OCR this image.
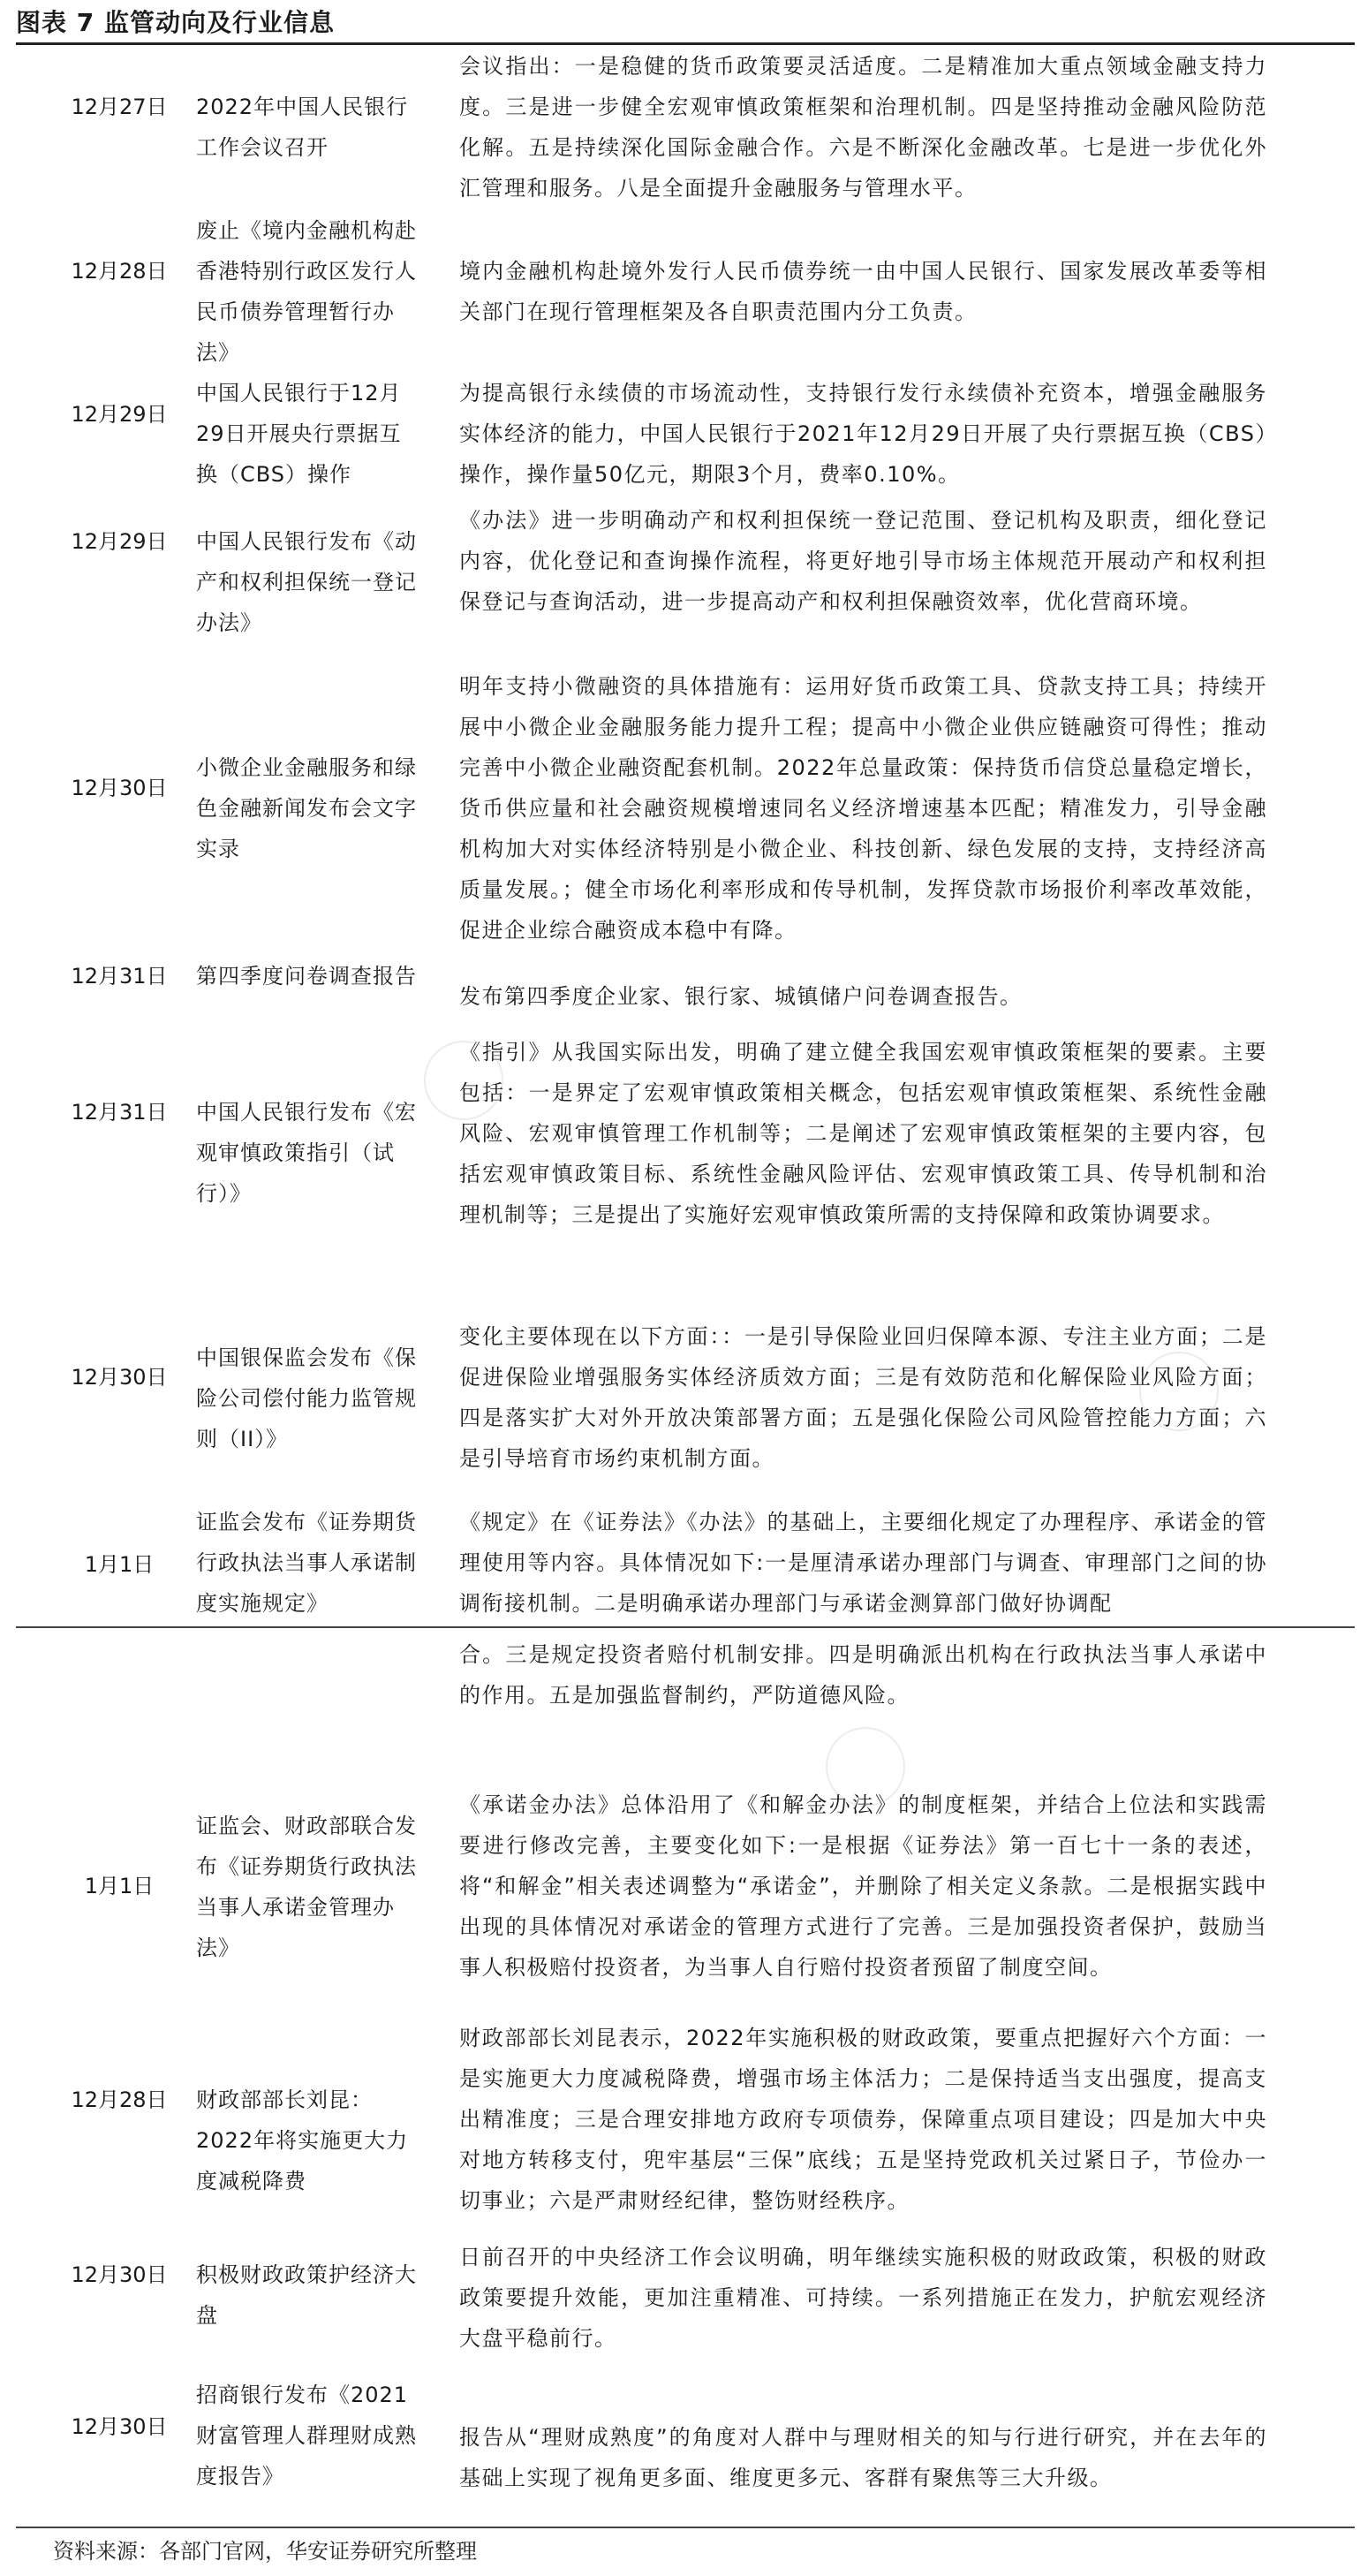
图表 7 监管动向及行业信息
12月27日 2022年中国人民银行工作会议召开
会议指出：一是稳健的货币政策要灵活适度。二是精准加大重点领域金融支持力度。三是进一步健全宏观审慎政策框架和治理机制。四是坚持推动金融风险防范化解。五是持续深化国际金融合作。六是不断深化金融改革。七是进一步优化外汇管理和服务。八是全面提升金融服务与管理水平。
12月28日
废止《境内金融机构赴香港特别行政区发行人民币债券管理暂行办法》
境内金融机构赴境外发行人民币债券统一由中国人民银行、国家发展改革委等相关部门在现行管理框架及各自职责范围内分工负责。
12月29日
中国人民银行于12月29日开展央行票据互换（CBS）操作
为提高银行永续债的市场流动性，支持银行发行永续债补充资本，增强金融服务实体经济的能力，中国人民银行于2021年12月29日开展了央行票据互换（CBS）操作，操作量50亿元，期限3个月，费率0.10%。
12月29日 中国人民银行发布《动产和权利担保统一登记办法》
《办法》进一步明确动产和权利担保统一登记范围、登记机构及职责，细化登记内容，优化登记和查询操作流程，将更好地引导市场主体规范开展动产和权利担保登记与查询活动，进一步提高动产和权利担保融资效率，优化营商环境。
12月30日
小微企业金融服务和绿色金融新闻发布会文字实录
明年支持小微融资的具体措施有：运用好货币政策工具、贷款支持工具；持续开展中小微企业金融服务能力提升工程；提高中小微企业供应链融资可得性；推动完善中小微企业融资配套机制。2022年总量政策：保持货币信贷总量稳定增长，货币供应量和社会融资规模增速同名义经济增速基本匹配；精准发力，引导金融机构加大对实体经济特别是小微企业、科技创新、绿色发展的支持，支持经济高质量发展。；健全市场化利率形成和传导机制，发挥贷款市场报价利率改革效能，促进企业综合融资成本稳中有降。
12月31日 第四季度问卷调查报告
发布第四季度企业家、银行家、城镇储户问卷调查报告。
12月31日 中国人民银行发布《宏观审慎政策指引（试行）》
《指引》从我国实际出发，明确了建立健全我国宏观审慎政策框架的要素。主要包括：一是界定了宏观审慎政策相关概念，包括宏观审慎政策框架、系统性金融风险、宏观审慎管理工作机制等；二是阐述了宏观审慎政策框架的主要内容，包括宏观审慎政策目标、系统性金融风险评估、宏观审慎政策工具、传导机制和治理机制等；三是提出了实施好宏观审慎政策所需的支持保障和政策协调要求。
12月30日
中国银保监会发布《保险公司偿付能力监管规则（II）》
变化主要体现在以下方面：：一是引导保险业回归保障本源、专注主业方面；二是促进保险业增强服务实体经济质效方面；三是有效防范和化解保险业风险方面；四是落实扩大对外开放决策部署方面；五是强化保险公司风险管控能力方面；六是引导培育市场约束机制方面。
1月1日
证监会发布《证券期货行政执法当事人承诺制度实施规定》
《规定》在《证券法》《办法》的基础上，主要细化规定了办理程序、承诺金的管理使用等内容。具体情况如下:一是厘清承诺办理部门与调查、审理部门之间的协调衔接机制。二是明确承诺办理部门与承诺金测算部门做好协调配
合。三是规定投资者赔付机制安排。四是明确派出机构在行政执法当事人承诺中的作用。五是加强监督制约，严防道德风险。
1月1日
证监会、财政部联合发布《证券期货行政执法当事人承诺金管理办法》
《承诺金办法》总体沿用了《和解金办法》的制度框架，并结合上位法和实践需要进行修改完善，主要变化如下:一是根据《证券法》第一百七十一条的表述，将“和解金”相关表述调整为“承诺金”，并删除了相关定义条款。二是根据实践中出现的具体情况对承诺金的管理方式进行了完善。三是加强投资者保护，鼓励当事人积极赔付投资者，为当事人自行赔付投资者预留了制度空间。
12月28日 财政部部长刘昆：2022年将实施更大力度减税降费
财政部部长刘昆表示，2022年实施积极的财政政策，要重点把握好六个方面：一是实施更大力度减税降费，增强市场主体活力；二是保持适当支出强度，提高支出精准度；三是合理安排地方政府专项债券，保障重点项目建设；四是加大中央对地方转移支付，兜牢基层“三保”底线；五是坚持党政机关过紧日子，节俭办一切事业；六是严肃财经纪律，整饬财经秩序。
12月30日 积极财政政策护经济大盘
日前召开的中央经济工作会议明确，明年继续实施积极的财政政策，积极的财政政策要提升效能，更加注重精准、可持续。一系列措施正在发力，护航宏观经济大盘平稳前行。
12月30日
招商银行发布《2021财富管理人群理财成熟度报告》
报告从“理财成熟度”的角度对人群中与理财相关的知与行进行研究，并在去年的基础上实现了视角更多面、维度更多元、客群有聚焦等三大升级。
资料来源：各部门官网，华安证券研究所整理
